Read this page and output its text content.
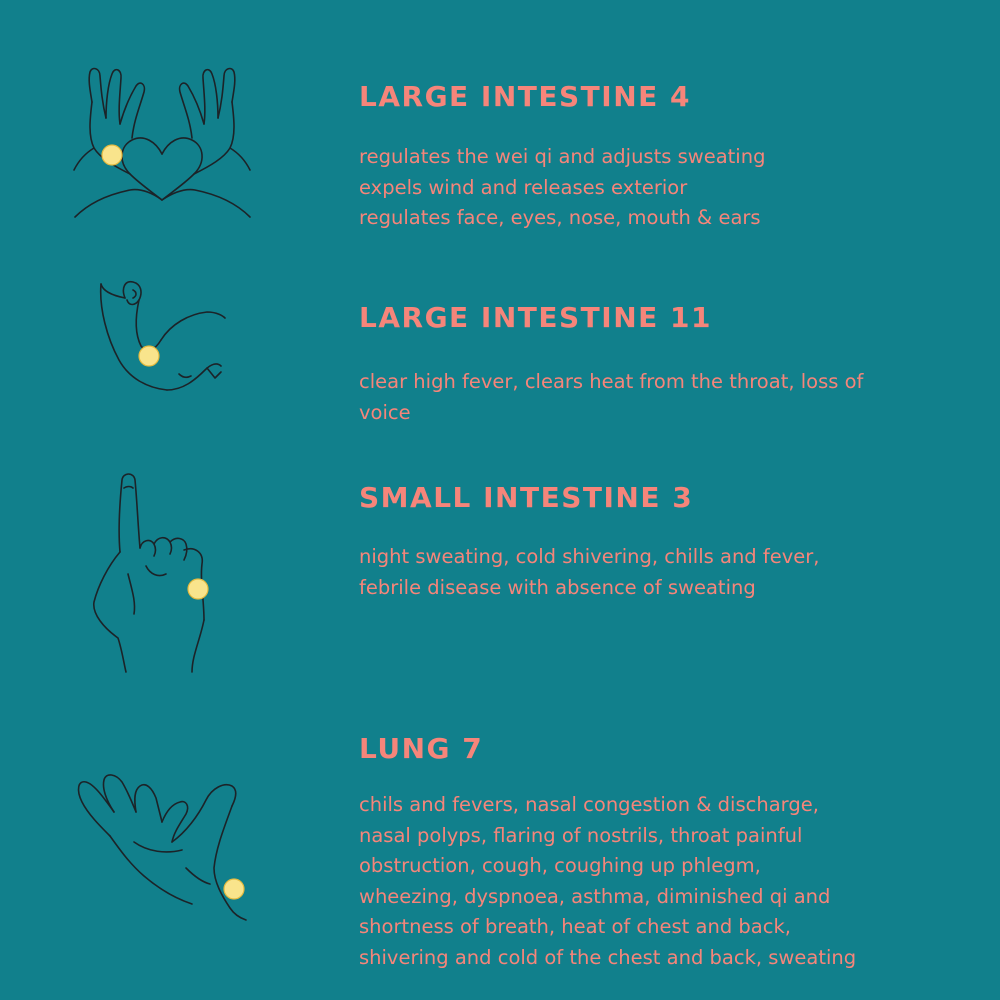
LARGE INTESTINE 4
regulates the wei qi and adjusts sweating
expels wind and releases exterior
regulates face, eyes, nose, mouth & ears
LARGE INTESTINE 11
clear high fever, clears heat from the throat, loss of voice
SMALL INTESTINE 3
night sweating, cold shivering, chills and fever,
febrile disease with absence of sweating
LUNG 7
chils and fevers, nasal congestion & discharge,
nasal polyps, flaring of nostrils, throat painful
obstruction, cough, coughing up phlegm,
wheezing, dyspnoea, asthma, diminished qi and
shortness of breath, heat of chest and back,
shivering and cold of the chest and back, sweating
